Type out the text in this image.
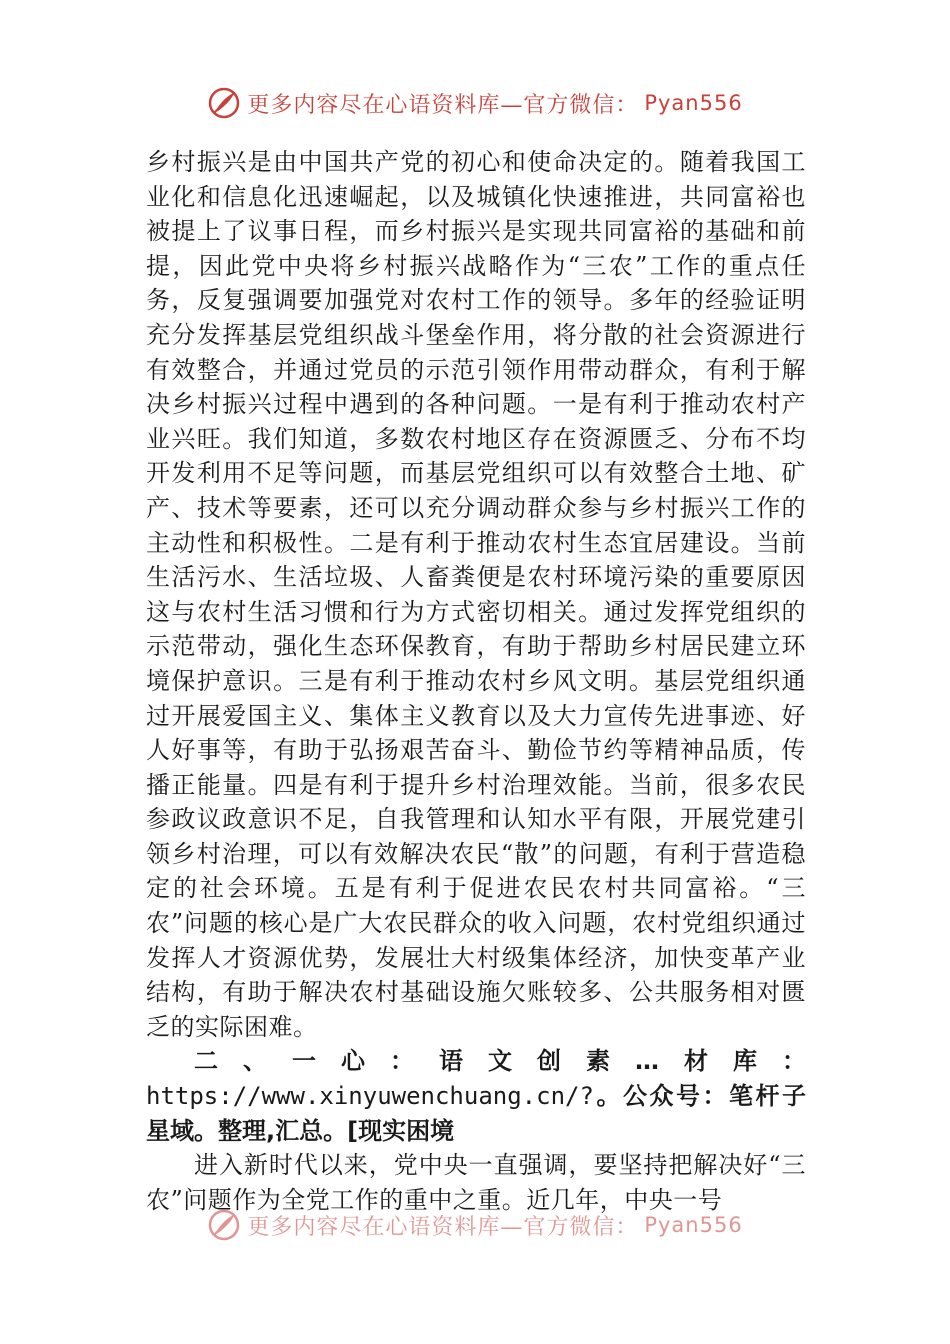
更多内容尽在心语资料库—官方微信： Pyan556

乡村振兴是由中国共产党的初心和使命决定的。随着我国工业化和信息化迅速崛起，以及城镇化快速推进，共同富裕也被提上了议事日程，而乡村振兴是实现共同富裕的基础和前提，因此党中央将乡村振兴战略作为“三农”工作的重点任务，反复强调要加强党对农村工作的领导。多年的经验证明充分发挥基层党组织战斗堡垒作用，将分散的社会资源进行有效整合，并通过党员的示范引领作用带动群众，有利于解决乡村振兴过程中遇到的各种问题。一是有利于推动农村产业兴旺。我们知道，多数农村地区存在资源匮乏、分布不均开发利用不足等问题，而基层党组织可以有效整合土地、矿产、技术等要素，还可以充分调动群众参与乡村振兴工作的主动性和积极性。二是有利于推动农村生态宜居建设。当前生活污水、生活垃圾、人畜粪便是农村环境污染的重要原因这与农村生活习惯和行为方式密切相关。通过发挥党组织的示范带动，强化生态环保教育，有助于帮助乡村居民建立环境保护意识。三是有利于推动农村乡风文明。基层党组织通过开展爱国主义、集体主义教育以及大力宣传先进事迹、好人好事等，有助于弘扬艰苦奋斗、勤俭节约等精神品质，传播正能量。四是有利于提升乡村治理效能。当前，很多农民参政议政意识不足，自我管理和认知水平有限，开展党建引领乡村治理，可以有效解决农民“散”的问题，有利于营造稳定的社会环境。五是有利于促进农民农村共同富裕。“三农”问题的核心是广大农民群众的收入问题，农村党组织通过发挥人才资源优势，发展壮大村级集体经济，加快变革产业结构，有助于解决农村基础设施欠账较多、公共服务相对匮乏的实际困难。

二、一心：语文创素…材库：https://www.xinyuwenchuang.cn/?。公众号：笔杆子星域。整理,汇总。[现实困境

进入新时代以来，党中央一直强调，要坚持把解决好“三农”问题作为全党工作的重中之重。近几年，中央一号

更多内容尽在心语资料库—官方微信： Pyan556
